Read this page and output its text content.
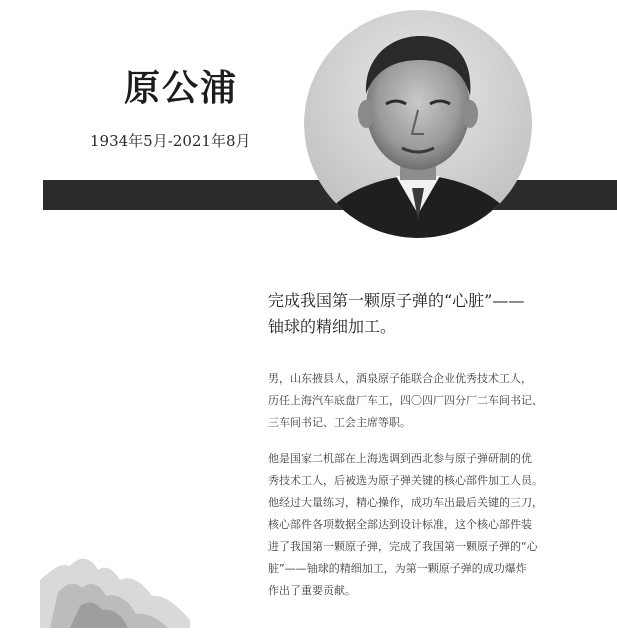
原公浦
1934年5月-2021年8月
完成我国第一颗原子弹的“心脏”——
铀球的精细加工。
男，山东掖县人，酒泉原子能联合企业优秀技术工人，
历任上海汽车底盘厂车工，四〇四厂四分厂二车间书记、
三车间书记、工会主席等职。
他是国家二机部在上海选调到西北参与原子弹研制的优
秀技术工人，后被选为原子弹关键的核心部件加工人员。
他经过大量练习，精心操作，成功车出最后关键的三刀，
核心部件各项数据全部达到设计标准，这个核心部件装
进了我国第一颗原子弹，完成了我国第一颗原子弹的“心
脏”——铀球的精细加工，为第一颗原子弹的成功爆炸
作出了重要贡献。
